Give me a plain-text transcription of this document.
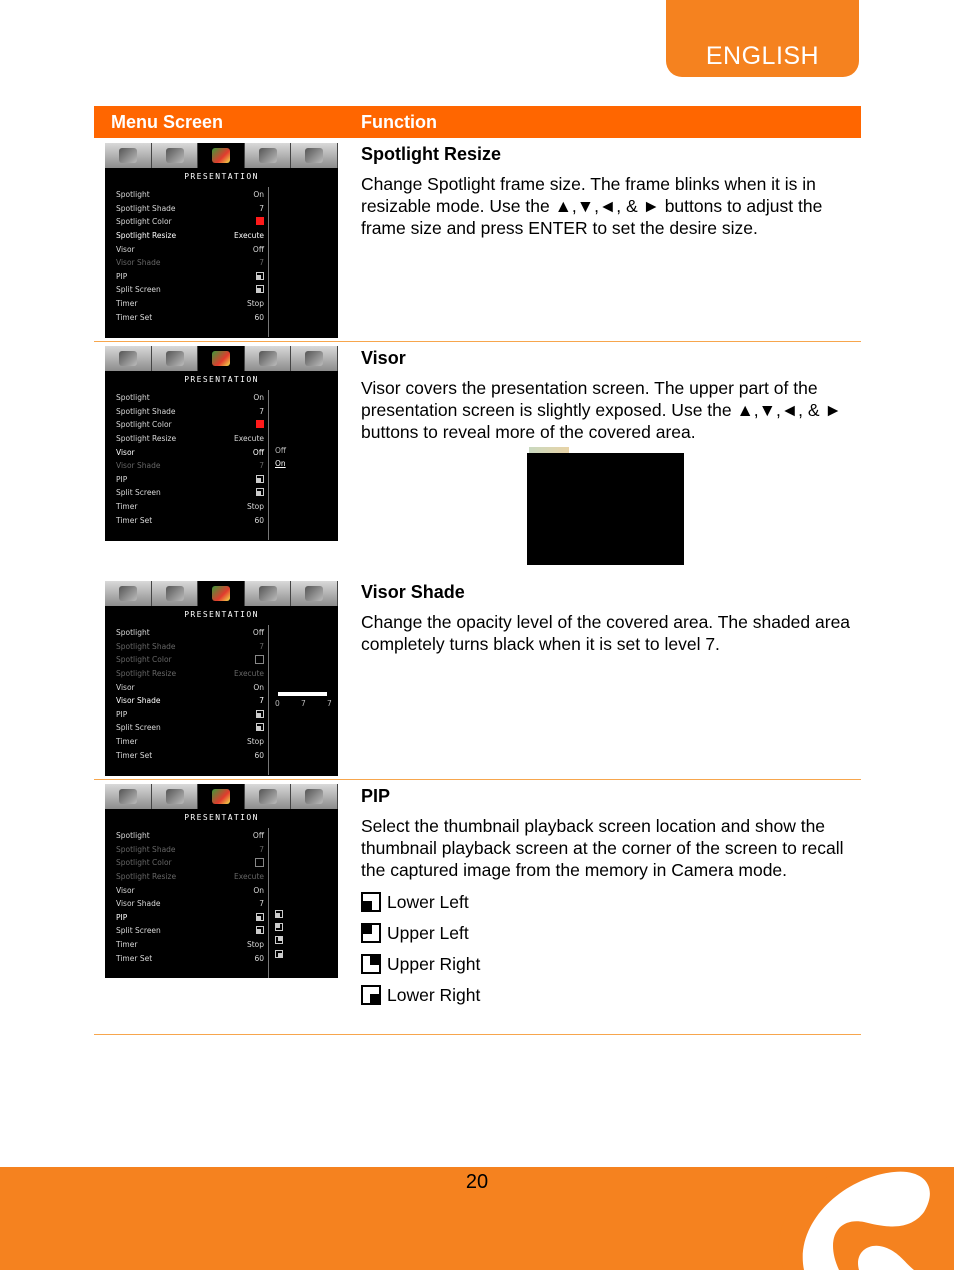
ENGLISH
Menu Screen	Function
PRESENTATION
Spotlight	On
Spotlight Shade	7
Spotlight Color
Spotlight Resize	Execute
Visor	Off
Visor Shade	7
PIP
Split Screen
Timer	Stop
Timer Set	60
Spotlight Resize

Change Spotlight frame size. The frame blinks when it is in resizable mode. Use the ▲,▼,◄, & ► buttons to adjust the frame size and press ENTER to set the desire size.

PRESENTATION
Spotlight	On
Spotlight Shade	7
Spotlight Color
Spotlight Resize	Execute
Visor	Off
Visor Shade	7
PIP
Split Screen
Timer	Stop
Timer Set	60
Off
On
Visor

Visor covers the presentation screen. The upper part of the presentation screen is slightly exposed. Use the ▲,▼,◄, & ► buttons to reveal more of the covered area.

PRESENTATION
Spotlight	Off
Spotlight Shade	7
Spotlight Color
Spotlight Resize	Execute
Visor	On
Visor Shade	7
PIP
Split Screen
Timer	Stop
Timer Set	60
0	7	7
Visor Shade

Change the opacity level of the covered area. The shaded area completely turns black when it is set to level 7.

PRESENTATION
Spotlight	Off
Spotlight Shade	7
Spotlight Color
Spotlight Resize	Execute
Visor	On
Visor Shade	7
PIP
Split Screen
Timer	Stop
Timer Set	60
PIP

Select the thumbnail playback screen location and show the thumbnail playback screen at the corner of the screen to recall the captured image from the memory in Camera mode.

Lower Left
Upper Left
Upper Right
Lower Right
20
